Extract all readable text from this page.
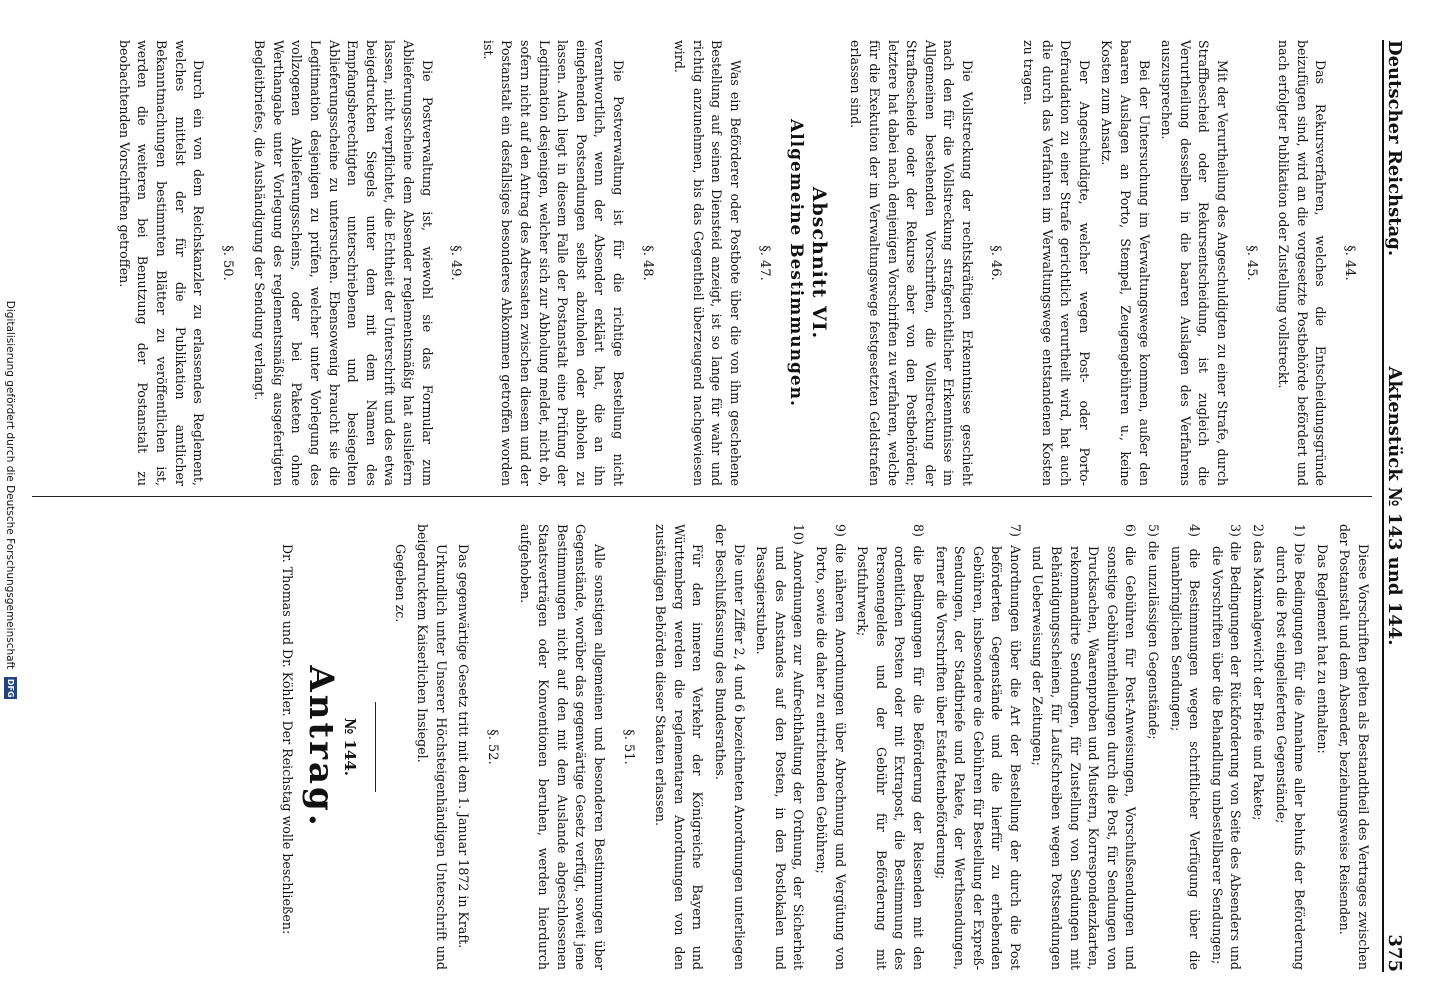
Deutscher Reichstag.
Aktenstück № 143 und 144.
375

§. 44.

Das Rekursverfahren, welches die Entscheidungsgründe beizufügen sind, wird an die vorgesetzte Postbehörde befördert und nach erfolgter Publikation oder Zustellung vollstreckt.

§. 45.

Mit der Verurtheilung des Angeschuldigten zu einer Strafe, durch Straffbescheid oder Rekursentscheidung, ist zugleich die Verurtheilung desselben in die baaren Auslagen des Verfahrens auszusprechen.

Bei der Untersuchung im Verwaltungswege kommen, außer den baaren Auslagen an Porto, Stempel, Zeugengebühren u., keine Kosten zum Ansatz.

Der Angeschuldigte, welcher wegen Post- oder Porto-Defraudation zu einer Strafe gerichtlich verurtheilt wird, hat auch die durch das Verfahren im Verwaltungswege entstandenen Kosten zu tragen.

§. 46.

Die Vollstreckung der rechtskräftigen Erkenntnisse geschieht nach den für die Vollstreckung strafgerichtlicher Erkenntnisse im Allgemeinen bestehenden Vorschriften, die Vollstreckung der Strafbescheide oder der Rekurse aber von den Postbehörden; letztere hat dabei nach denjenigen Vorschriften zu verfahren, welche für die Exekution der im Verwaltungswege festgesetzten Geldstrafen erlassen sind.

Abschnitt VI.

Allgemeine Bestimmungen.

§. 47.

Was ein Beförderer oder Postbote über die von ihm geschehene Bestellung auf seinen Diensteid anzeigt, ist so lange für wahr und richtig anzunehmen, bis das Gegentheil überzeugend nachgewiesen wird.

§. 48.

Die Postverwaltung ist für die richtige Bestellung nicht verantwortlich, wenn der Absender erklärt hat, die an ihn eingehenden Postsendungen selbst abzuholen oder abholen zu lassen. Auch liegt in diesem Falle der Postanstalt eine Prüfung der Legitimation desjenigen, welcher sich zur Abholung meldet, nicht ob, sofern nicht auf den Antrag des Adressaten zwischen diesem und der Postanstalt ein desfallsiges besonderes Abkommen getroffen worden ist.

§. 49.

Die Postverwaltung ist, wiewohl sie das Formular zum Ablieferungsscheine dem Absender reglementsmäßig hat ausliefern lassen, nicht verpflichtet, die Echtheit der Unterschrift und des etwa beigedruckten Siegels unter dem mit dem Namen des Empfangsberechtigten unterschriebenen und besiegelten Ablieferungsscheine zu untersuchen. Ebensowenig braucht sie die Legitimation desjenigen zu prüfen, welcher unter Vorlegung des vollzogenen Ablieferungsscheins, oder bei Paketen ohne Werthangabe unter Vorlegung des reglementsmäßig ausgefertigten Begleitbriefes, die Aushändigung der Sendung verlangt.

§. 50.

Durch ein von dem Reichskanzler zu erlassendes Reglement, welches mittelst der für die Publikation amtlicher Bekanntmachungen bestimmten Blätter zu veröffentlichen ist, werden die weiteren bei Benutzung der Postanstalt zu beobachtenden Vorschriften getroffen.

Diese Vorschriften gelten als Bestandtheil des Vertrages zwischen der Postanstalt und dem Absender, beziehungsweise Reisenden.

Das Reglement hat zu enthalten:

1) Die Bedingungen für die Annahme aller behufs der Beförderung durch die Post eingelieferten Gegenstände;

2) das Maximalgewicht der Briefe und Pakete;

3) die Bedingungen der Rückforderung von Seite des Absenders und die Vorschriften über die Behandlung unbestellbarer Sendungen;

4) die Bestimmungen wegen schriftlicher Verfügung über die unanbringlichen Sendungen;

5) die unzulässigen Gegenstände;

6) die Gebühren für Post-Anweisungen, Vorschußsendungen und sonstige Gebührentheilungen durch die Post, für Sendungen von Drucksachen, Waarenproben und Mustern, Korrespondenzkarten, rekommandirte Sendungen, für Zustellung von Sendungen mit Behändigungsscheinen, für Laufschreiben wegen Postsendungen und Ueberweisung der Zeitungen;

7) Anordnungen über die Art der Bestellung der durch die Post beförderten Gegenstände und die hierfür zu erhebenden Gebühren, insbesondere die Gebühren für Bestellung der Expreß-Sendungen, der Stadtbriefe und Pakete, der Werthsendungen, ferner die Vorschriften über Estafettenbeförderung;

8) die Bedingungen für die Beförderung der Reisenden mit den ordentlichen Posten oder mit Extrapost, die Bestimmung des Personengeldes und der Gebühr für Beförderung mit Postfuhrwerk;

9) die näheren Anordnungen über Abrechnung und Vergütung von Porto, sowie die daher zu entrichtenden Gebühren;

10) Anordnungen zur Aufrechthaltung der Ordnung, der Sicherheit und des Anstandes auf den Posten, in den Postlokalen und Passagierstuben.

Die unter Ziffer 2, 4 und 6 bezeichneten Anordnungen unterliegen der Beschlußfassung des Bundesrathes.

Für den inneren Verkehr der Königreiche Bayern und Württemberg werden die reglementaren Anordnungen von den zuständigen Behörden dieser Staaten erlassen.

§. 51.

Alle sonstigen allgemeinen und besonderen Bestimmungen über Gegenstände, worüber das gegenwärtige Gesetz verfügt, soweit jene Bestimmungen nicht auf den mit dem Auslande abgeschlossenen Staatsverträgen oder Konventionen beruhen, werden hierdurch aufgehoben.

§. 52.

Das gegenwärtige Gesetz tritt mit dem 1. Januar 1872 in Kraft.

Urkundlich unter Unserer Höchsteigenhändigen Unterschrift und beigedrucktem Kaiserlichen Insiegel.

Gegeben zc.

№ 144.

Antrag.

Dr. Thomas und Dr. Köhler. Der Reichstag wolle beschließen:

Digitalisierung gefördert durch die Deutsche Forschungsgemeinschaft
DFG
